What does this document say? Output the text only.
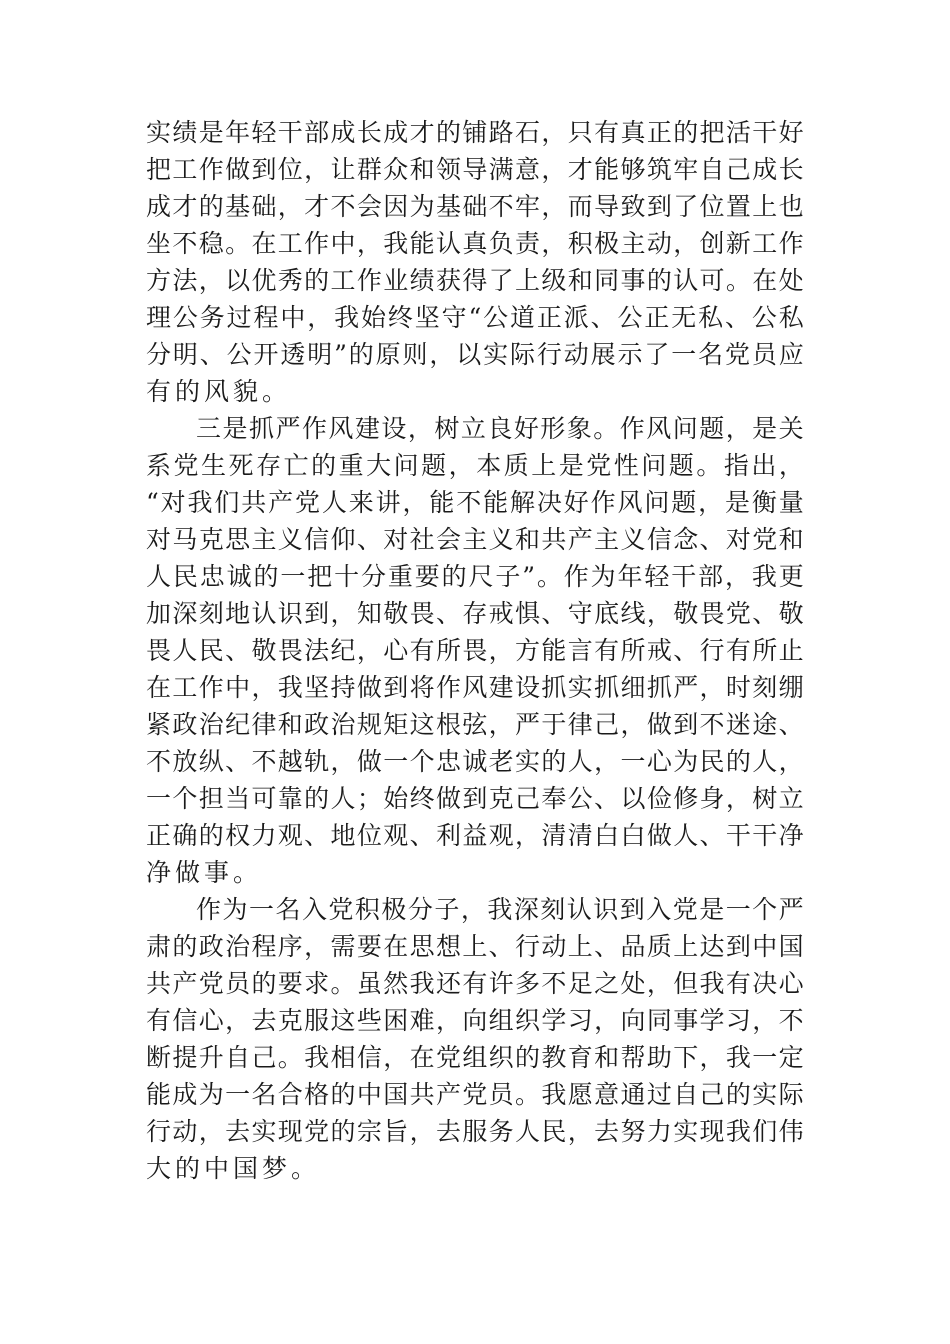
实 绩 是 年 轻 干 部 成 长 成 才 的 铺 路 石 ， 只 有 真 正 的 把 活 干 好
把 工 作 做 到 位 ， 让 群 众 和 领 导 满 意 ， 才 能 够 筑 牢 自 己 成 长
成 才 的 基 础 ， 才 不 会 因 为 基 础 不 牢 ， 而 导 致 到 了 位 置 上 也
坐 不 稳 。 在 工 作 中 ， 我 能 认 真 负 责 ， 积 极 主 动 ， 创 新 工 作
方 法 ， 以 优 秀 的 工 作 业 绩 获 得 了 上 级 和 同 事 的 认 可 。 在 处
理 公 务 过 程 中 ， 我 始 终 坚 守 “ 公 道 正 派 、 公 正 无 私 、 公 私
分 明 、 公 开 透 明 ” 的 原 则 ， 以 实 际 行 动 展 示 了 一 名 党 员 应
有的风貌。
三 是 抓 严 作 风 建 设 ， 树 立 良 好 形 象 。 作 风 问 题 ， 是 关
系 党 生 死 存 亡 的 重 大 问 题 ， 本 质 上 是 党 性 问 题 。 指 出 ，
“ 对 我 们 共 产 党 人 来 讲 ， 能 不 能 解 决 好 作 风 问 题 ， 是 衡 量
对 马 克 思 主 义 信 仰 、 对 社 会 主 义 和 共 产 主 义 信 念 、 对 党 和
人 民 忠 诚 的 一 把 十 分 重 要 的 尺 子 ” 。 作 为 年 轻 干 部 ， 我 更
加 深 刻 地 认 识 到 ， 知 敬 畏 、 存 戒 惧 、 守 底 线 ， 敬 畏 党 、 敬
畏 人 民 、 敬 畏 法 纪 ， 心 有 所 畏 ， 方 能 言 有 所 戒 、 行 有 所 止
在 工 作 中 ， 我 坚 持 做 到 将 作 风 建 设 抓 实 抓 细 抓 严 ， 时 刻 绷
紧 政 治 纪 律 和 政 治 规 矩 这 根 弦 ， 严 于 律 己 ， 做 到 不 迷 途 、
不 放 纵 、 不 越 轨 ， 做 一 个 忠 诚 老 实 的 人 ， 一 心 为 民 的 人 ，
一 个 担 当 可 靠 的 人 ； 始 终 做 到 克 己 奉 公 、 以 俭 修 身 ， 树 立
正 确 的 权 力 观 、 地 位 观 、 利 益 观 ， 清 清 白 白 做 人 、 干 干 净
净做事。
作 为 一 名 入 党 积 极 分 子 ， 我 深 刻 认 识 到 入 党 是 一 个 严
肃 的 政 治 程 序 ， 需 要 在 思 想 上 、 行 动 上 、 品 质 上 达 到 中 国
共 产 党 员 的 要 求 。 虽 然 我 还 有 许 多 不 足 之 处 ， 但 我 有 决 心
有 信 心 ， 去 克 服 这 些 困 难 ， 向 组 织 学 习 ， 向 同 事 学 习 ， 不
断 提 升 自 己 。 我 相 信 ， 在 党 组 织 的 教 育 和 帮 助 下 ， 我 一 定
能 成 为 一 名 合 格 的 中 国 共 产 党 员 。 我 愿 意 通 过 自 己 的 实 际
行 动 ， 去 实 现 党 的 宗 旨 ， 去 服 务 人 民 ， 去 努 力 实 现 我 们 伟
大的中国梦。
